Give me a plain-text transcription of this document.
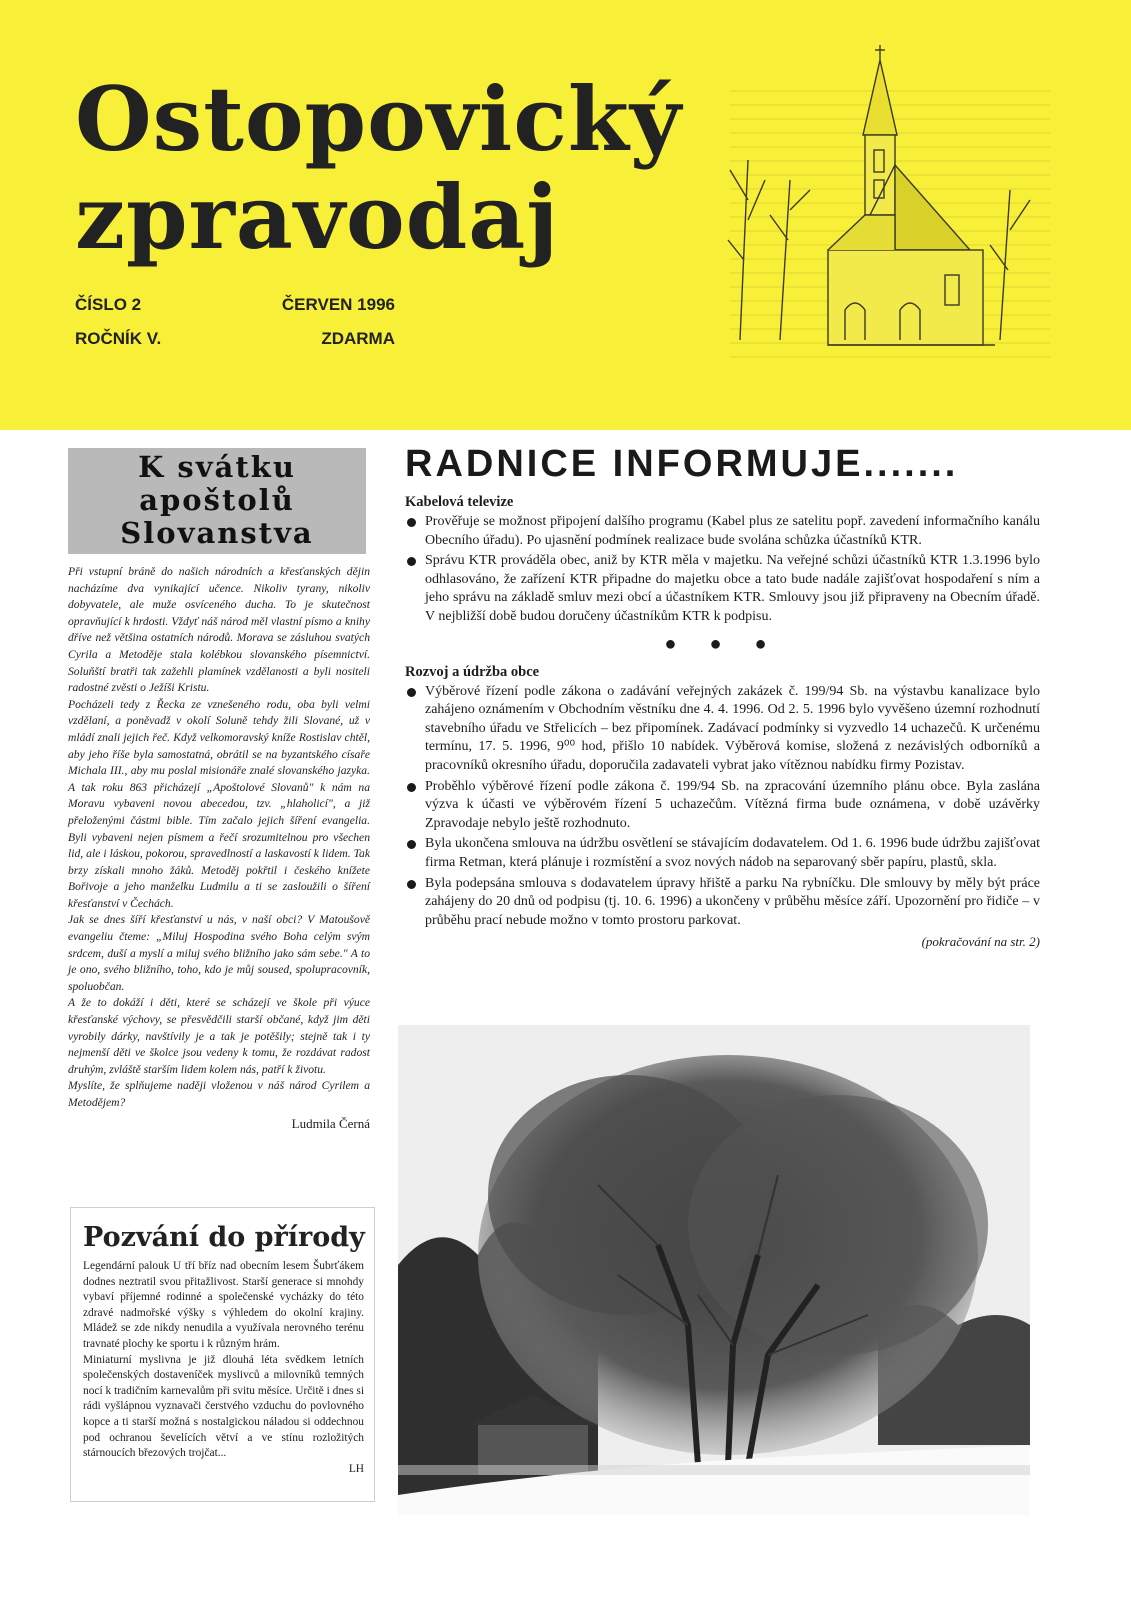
Ostopovický
zpravodaj
ČÍSLO 2	ČERVEN 1996
ROČNÍK V.	ZDARMA
K svátku apoštolů
Slovanstva

Při vstupní bráně do našich národních a křesťanských dějin nacházíme dva vynikající učence. Nikoliv tyrany, nikoliv dobyvatele, ale muže osvíceného ducha. To je skutečnost opravňující k hrdosti. Vždyť náš národ měl vlastní písmo a knihy dříve než většina ostatních národů. Morava se zásluhou svatých Cyrila a Metoděje stala kolébkou slovanského písemnictví. Soluňští bratři tak zažehli plamínek vzdělanosti a byli nositeli radostné zvěsti o Ježíši Kristu.

Pocházeli tedy z Řecka ze vznešeného rodu, oba byli velmi vzdělaní, a poněvadž v okolí Soluně tehdy žili Slované, už v mládí znali jejich řeč. Když velkomoravský kníže Rostislav chtěl, aby jeho říše byla samostatná, obrátil se na byzantského císaře Michala III., aby mu poslal misionáře znalé slovanského jazyka. A tak roku 863 přicházejí „Apoštolové Slovanů" k nám na Moravu vybaveni novou abecedou, tzv. „hlaholicí", a již přeloženými částmi bible. Tím začalo jejich šíření evangelia. Byli vybaveni nejen písmem a řečí srozumitelnou pro všechen lid, ale i láskou, pokorou, spravedlností a laskavostí k lidem. Tak brzy získali mnoho žáků. Metoděj pokřtil i českého knížete Bořivoje a jeho manželku Ludmilu a ti se zasloužili o šíření křesťanství v Čechách.

Jak se dnes šíří křesťanství u nás, v naší obci? V Matoušově evangeliu čteme: „Miluj Hospodina svého Boha celým svým srdcem, duší a myslí a miluj svého bližního jako sám sebe." A to je ono, svého bližního, toho, kdo je můj soused, spolupracovník, spoluobčan.

A že to dokáží i děti, které se scházejí ve škole při výuce křesťanské výchovy, se přesvědčili starší občané, když jim děti vyrobily dárky, navštívily je a tak je potěšily; stejně tak i ty nejmenší děti ve školce jsou vedeny k tomu, že rozdávat radost druhým, zvláště starším lidem kolem nás, patří k životu.

Myslíte, že splňujeme naději vloženou v náš národ Cyrilem a Metodějem?

Ludmila Černá
Pozvání do přírody

Legendární palouk U tří bříz nad obecním lesem Šubrťákem dodnes neztratil svou přitažlivost. Starší generace si mnohdy vybaví příjemné rodinné a společenské vycházky do této zdravé nadmořské výšky s výhledem do okolní krajiny. Mládež se zde nikdy nenudila a využívala nerovného terénu travnaté plochy ke sportu i k různým hrám.

Miniaturní myslivna je již dlouhá léta svědkem letních společenských dostaveníček myslivců a milovníků temných nocí k tradičním karnevalům při svitu měsíce. Určitě i dnes si rádi vyšlápnou vyznavači čerstvého vzduchu do povlovného kopce a ti starší možná s nostalgickou náladou si oddechnou pod ochranou ševelících větví a ve stínu rozložitých stárnoucích březových trojčat...

LH
RADNICE INFORMUJE.......
Kabelová televize
Prověřuje se možnost připojení dalšího programu (Kabel plus ze satelitu popř. zavedení informačního kanálu Obecního úřadu). Po ujasnění podmínek realizace bude svolána schůzka účastníků KTR.
Správu KTR prováděla obec, aniž by KTR měla v majetku. Na veřejné schůzi účastníků KTR 1.3.1996 bylo odhlasováno, že zařízení KTR připadne do majetku obce a tato bude nadále zajišťovat hospodaření s ním a jeho správu na základě smluv mezi obcí a účastníkem KTR. Smlouvy jsou již připraveny na Obecním úřadě. V nejbližší době budou doručeny účastníkům KTR k podpisu.
● ● ●
Rozvoj a údržba obce
Výběrové řízení podle zákona o zadávání veřejných zakázek č. 199/94 Sb. na výstavbu kanalizace bylo zahájeno oznámením v Obchodním věstníku dne 4. 4. 1996. Od 2. 5. 1996 bylo vyvěšeno územní rozhodnutí stavebního úřadu ve Střelicích – bez připomínek. Zadávací podmínky si vyzvedlo 14 uchazečů. K určenému termínu, 17. 5. 1996, 9⁰⁰ hod, přišlo 10 nabídek. Výběrová komise, složená z nezávislých odborníků a pracovníků okresního úřadu, doporučila zadavateli vybrat jako vítěznou nabídku firmy Pozistav.
Proběhlo výběrové řízení podle zákona č. 199/94 Sb. na zpracování územního plánu obce. Byla zaslána výzva k účasti ve výběrovém řízení 5 uchazečům. Vítězná firma bude oznámena, v době uzávěrky Zpravodaje nebylo ještě rozhodnuto.
Byla ukončena smlouva na údržbu osvětlení se stávajícím dodavatelem. Od 1. 6. 1996 bude údržbu zajišťovat firma Retman, která plánuje i rozmístění a svoz nových nádob na separovaný sběr papíru, plastů, skla.
Byla podepsána smlouva s dodavatelem úpravy hřiště a parku Na rybníčku. Dle smlouvy by měly být práce zahájeny do 20 dnů od podpisu (tj. 10. 6. 1996) a ukončeny v průběhu měsíce září. Upozornění pro řidiče – v průběhu prací nebude možno v tomto prostoru parkovat.
(pokračování na str. 2)
